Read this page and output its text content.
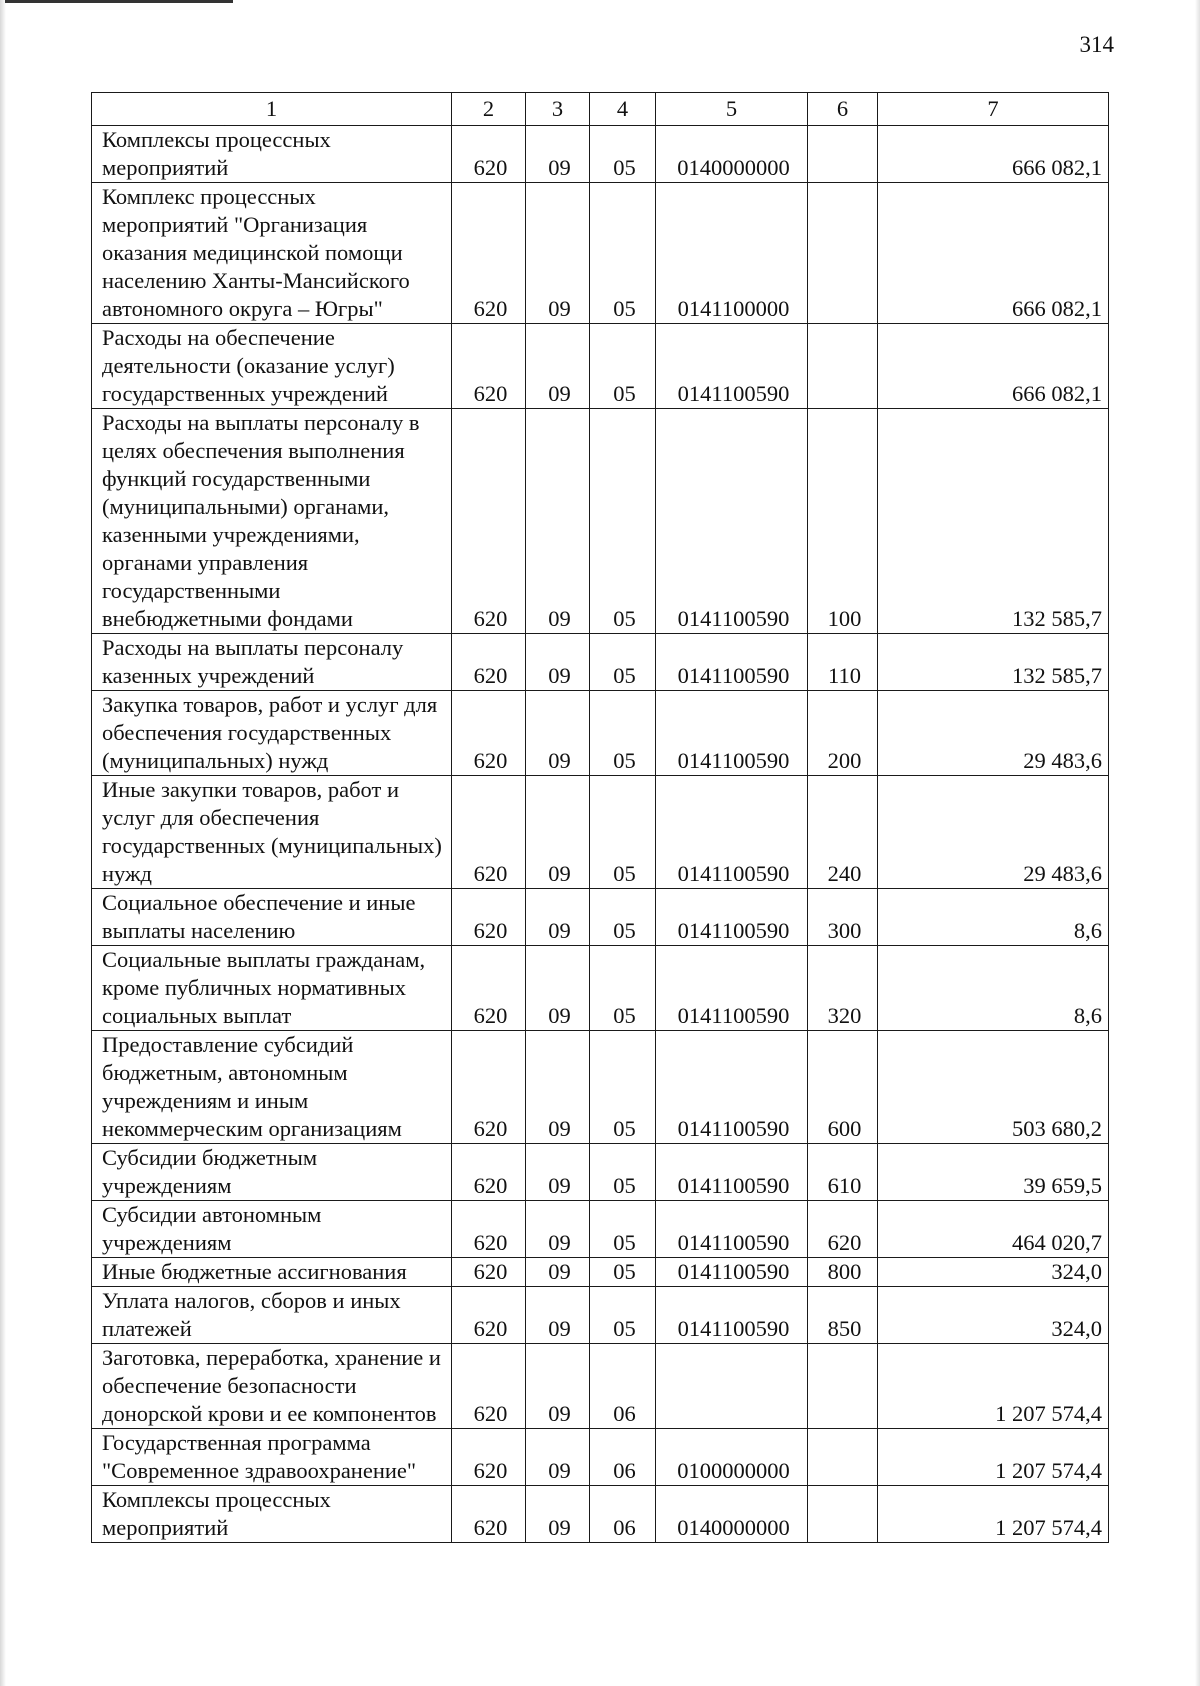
314
1	2	3	4	5	6	7
Комплексы процессных мероприятий	620	09	05	0140000000		666 082,1
Комплекс процессных мероприятий "Организация оказания медицинской помощи населению Ханты-Мансийского автономного округа – Югры"	620	09	05	0141100000		666 082,1
Расходы на обеспечение деятельности (оказание услуг) государственных учреждений	620	09	05	0141100590		666 082,1
Расходы на выплаты персоналу в целях обеспечения выполнения функций государственными (муниципальными) органами, казенными учреждениями, органами управления государственными внебюджетными фондами	620	09	05	0141100590	100	132 585,7
Расходы на выплаты персоналу казенных учреждений	620	09	05	0141100590	110	132 585,7
Закупка товаров, работ и услуг для обеспечения государственных (муниципальных) нужд	620	09	05	0141100590	200	29 483,6
Иные закупки товаров, работ и услуг для обеспечения государственных (муниципальных) нужд	620	09	05	0141100590	240	29 483,6
Социальное обеспечение и иные выплаты населению	620	09	05	0141100590	300	8,6
Социальные выплаты гражданам, кроме публичных нормативных социальных выплат	620	09	05	0141100590	320	8,6
Предоставление субсидий бюджетным, автономным учреждениям и иным некоммерческим организациям	620	09	05	0141100590	600	503 680,2
Субсидии бюджетным учреждениям	620	09	05	0141100590	610	39 659,5
Субсидии автономным учреждениям	620	09	05	0141100590	620	464 020,7
Иные бюджетные ассигнования	620	09	05	0141100590	800	324,0
Уплата налогов, сборов и иных платежей	620	09	05	0141100590	850	324,0
Заготовка, переработка, хранение и обеспечение безопасности донорской крови и ее компонентов	620	09	06			1 207 574,4
Государственная программа "Современное здравоохранение"	620	09	06	0100000000		1 207 574,4
Комплексы процессных мероприятий	620	09	06	0140000000		1 207 574,4
